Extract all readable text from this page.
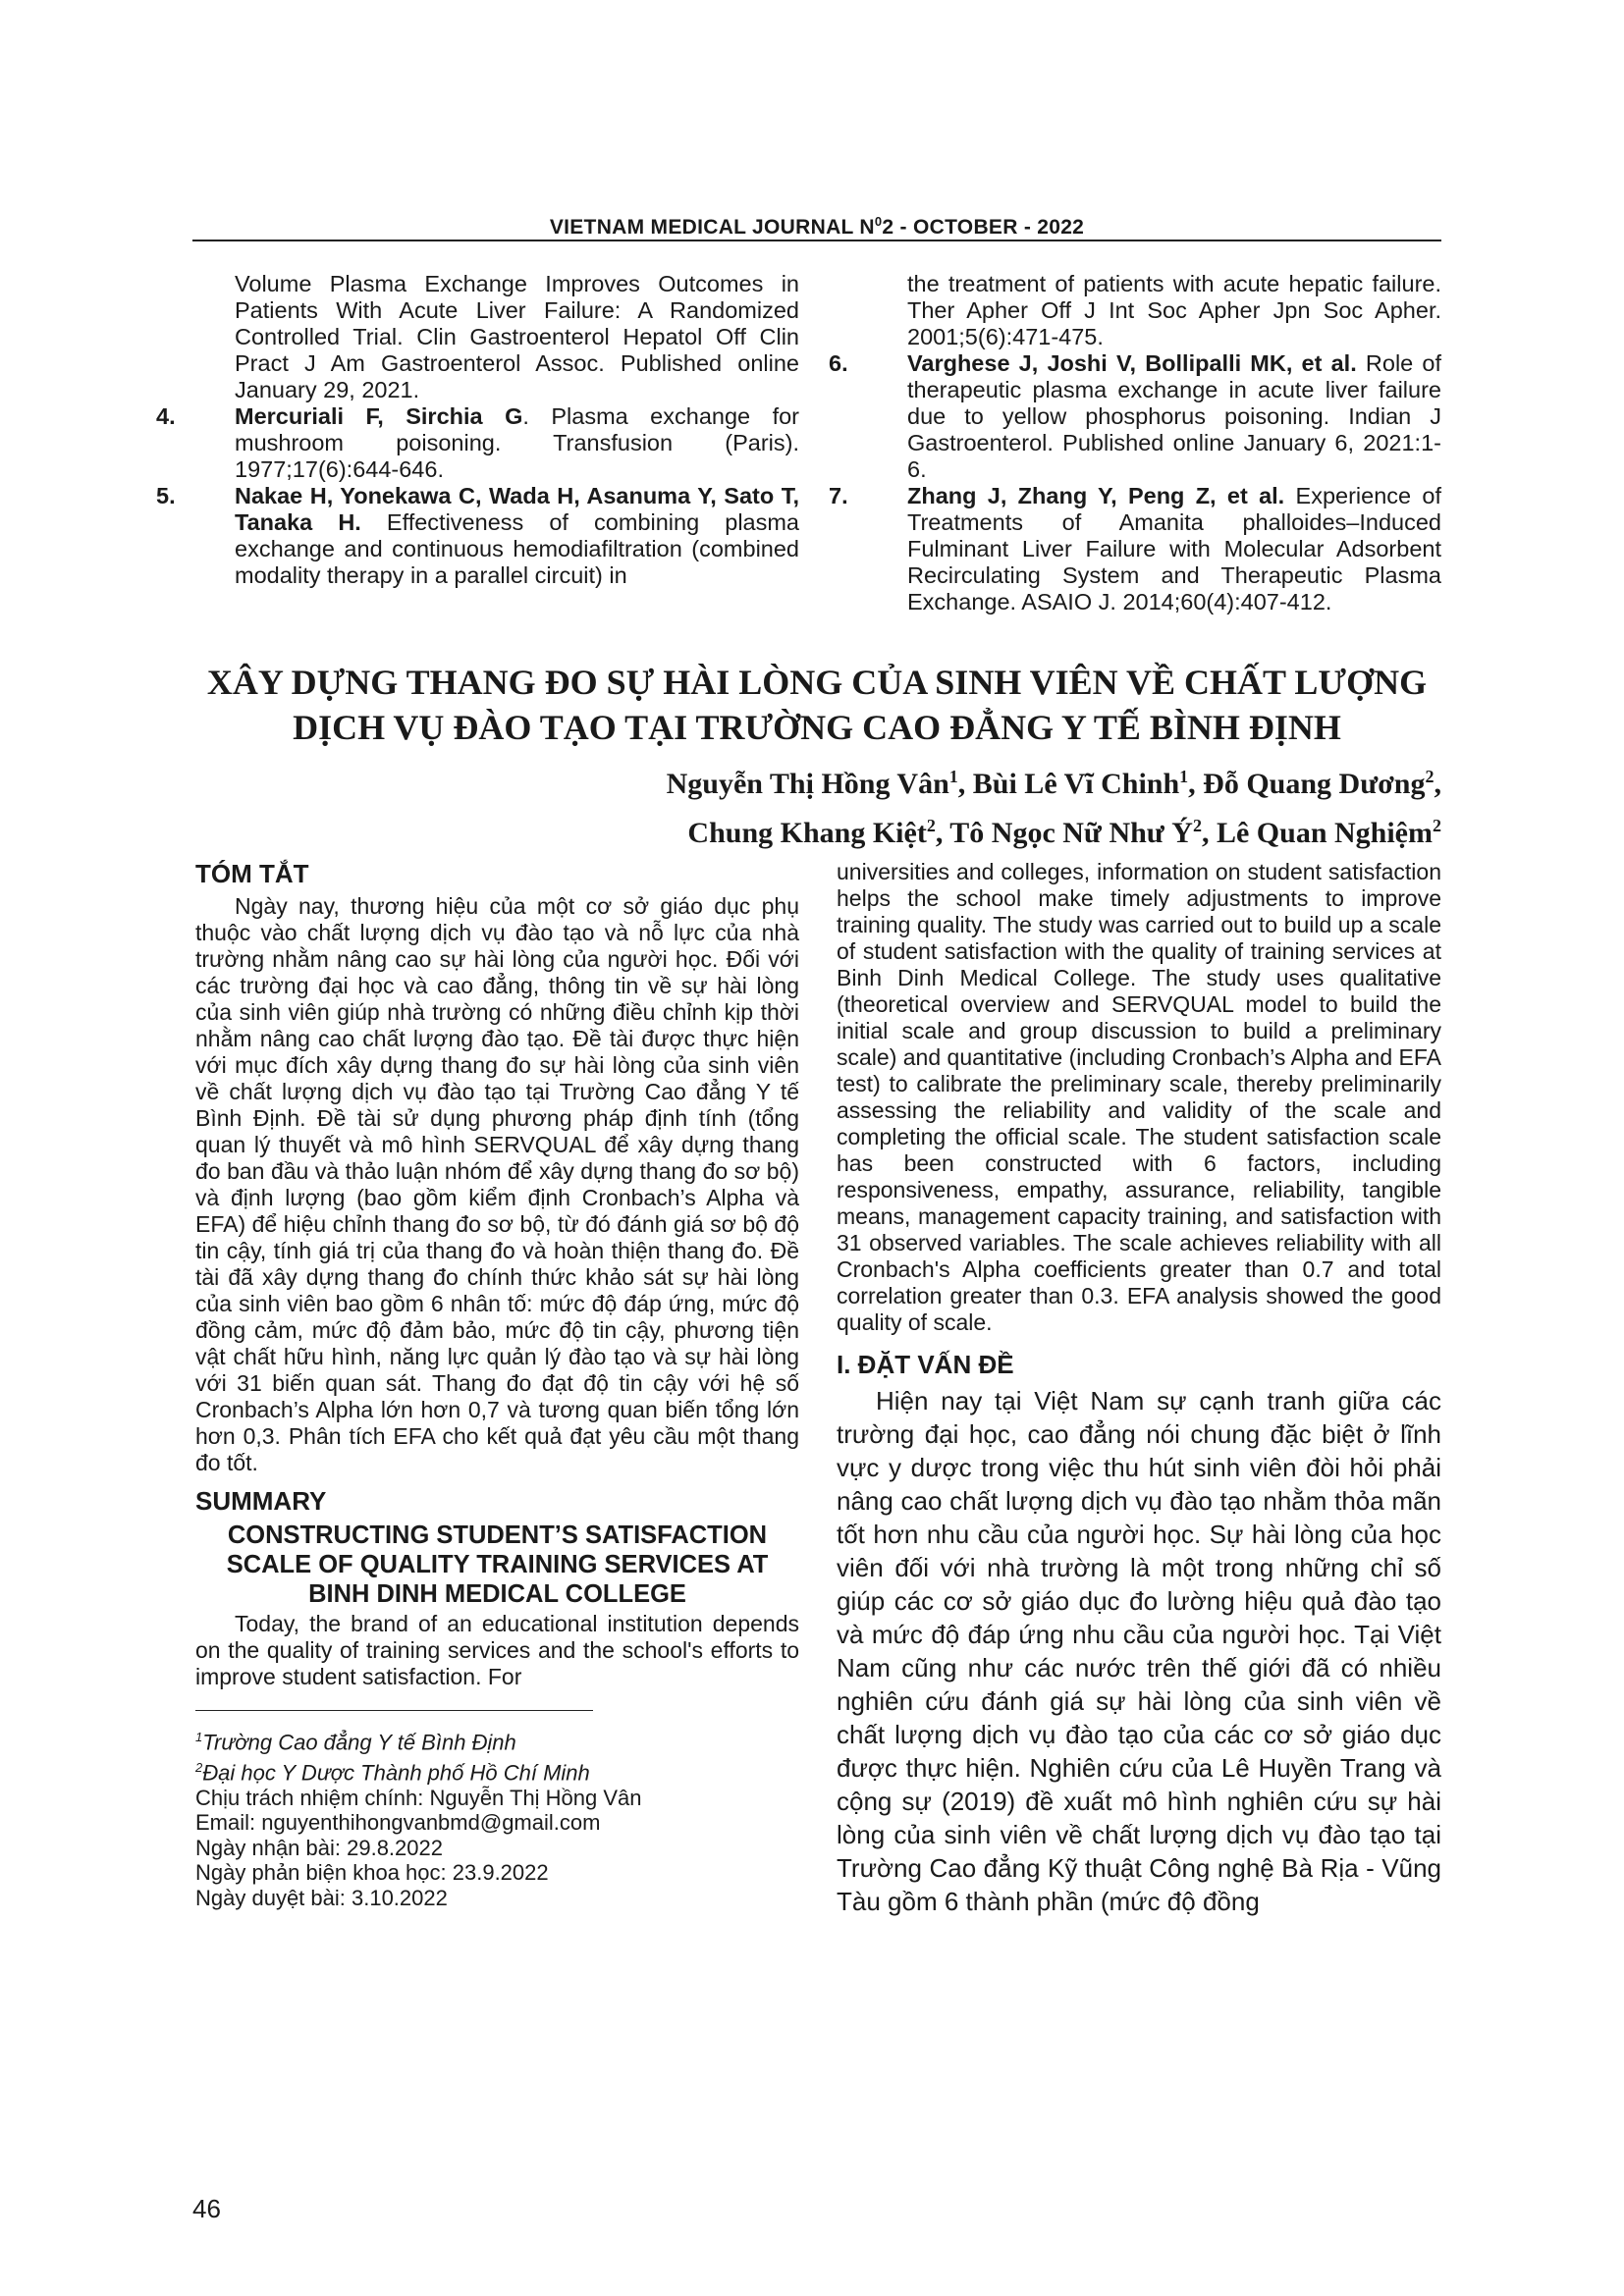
VIETNAM MEDICAL JOURNAL $N^02$ - OCTOBER - 2022

Volume Plasma Exchange Improves Outcomes in Patients With Acute Liver Failure: A Randomized Controlled Trial. Clin Gastroenterol Hepatol Off Clin Pract J Am Gastroenterol Assoc. Published online January 29, 2021.

4.	Mercuriali F, Sirchia G. Plasma exchange for mushroom poisoning. Transfusion (Paris). 1977;17(6):644-646.

5.	Nakae H, Yonekawa C, Wada H, Asanuma Y, Sato T, Tanaka H. Effectiveness of combining plasma exchange and continuous hemodiafiltration (combined modality therapy in a parallel circuit) in

the treatment of patients with acute hepatic failure. Ther Apher Off J Int Soc Apher Jpn Soc Apher. 2001;5(6):471-475.

6.	Varghese J, Joshi V, Bollipalli MK, et al. Role of therapeutic plasma exchange in acute liver failure due to yellow phosphorus poisoning. Indian J Gastroenterol. Published online January 6, 2021:1-6.

7.	Zhang J, Zhang Y, Peng Z, et al. Experience of Treatments of Amanita phalloides–Induced Fulminant Liver Failure with Molecular Adsorbent Recirculating System and Therapeutic Plasma Exchange. ASAIO J. 2014;60(4):407-412.

XÂY DỰNG THANG ĐO SỰ HÀI LÒNG CỦA SINH VIÊN VỀ CHẤT LƯỢNG
DỊCH VỤ ĐÀO TẠO TẠI TRƯỜNG CAO ĐẲNG Y TẾ BÌNH ĐỊNH
Nguyễn Thị Hồng Vân$^1$, Bùi Lê Vĩ Chinh$^1$, Đỗ Quang Dương$^2$,
Chung Khang Kiệt$^2$, Tô Ngọc Nữ Như $Ý^2$, Lê Quan Nghiệm$^2$
TÓM TẮT

Ngày nay, thương hiệu của một cơ sở giáo dục phụ thuộc vào chất lượng dịch vụ đào tạo và nỗ lực của nhà trường nhằm nâng cao sự hài lòng của người học. Đối với các trường đại học và cao đẳng, thông tin về sự hài lòng của sinh viên giúp nhà trường có những điều chỉnh kịp thời nhằm nâng cao chất lượng đào tạo. Đề tài được thực hiện với mục đích xây dựng thang đo sự hài lòng của sinh viên về chất lượng dịch vụ đào tạo tại Trường Cao đẳng Y tế Bình Định. Đề tài sử dụng phương pháp định tính (tổng quan lý thuyết và mô hình SERVQUAL để xây dựng thang đo ban đầu và thảo luận nhóm để xây dựng thang đo sơ bộ) và định lượng (bao gồm kiểm định Cronbach’s Alpha và EFA) để hiệu chỉnh thang đo sơ bộ, từ đó đánh giá sơ bộ độ tin cậy, tính giá trị của thang đo và hoàn thiện thang đo. Đề tài đã xây dựng thang đo chính thức khảo sát sự hài lòng của sinh viên bao gồm 6 nhân tố: mức độ đáp ứng, mức độ đồng cảm, mức độ đảm bảo, mức độ tin cậy, phương tiện vật chất hữu hình, năng lực quản lý đào tạo và sự hài lòng với 31 biến quan sát. Thang đo đạt độ tin cậy với hệ số Cronbach’s Alpha lớn hơn 0,7 và tương quan biến tổng lớn hơn 0,3. Phân tích EFA cho kết quả đạt yêu cầu một thang đo tốt.

SUMMARY
CONSTRUCTING STUDENT’S SATISFACTION SCALE OF QUALITY TRAINING SERVICES AT BINH DINH MEDICAL COLLEGE

Today, the brand of an educational institution depends on the quality of training services and the school's efforts to improve student satisfaction. For

$^1$Trường Cao đẳng Y tế Bình Định
$^2$Đại học Y Dược Thành phố Hồ Chí Minh
Chịu trách nhiệm chính: Nguyễn Thị Hồng Vân
Email: nguyenthihongvanbmd@gmail.com
Ngày nhận bài: 29.8.2022
Ngày phản biện khoa học: 23.9.2022
Ngày duyệt bài: 3.10.2022

universities and colleges, information on student satisfaction helps the school make timely adjustments to improve training quality. The study was carried out to build up a scale of student satisfaction with the quality of training services at Binh Dinh Medical College. The study uses qualitative (theoretical overview and SERVQUAL model to build the initial scale and group discussion to build a preliminary scale) and quantitative (including Cronbach’s Alpha and EFA test) to calibrate the preliminary scale, thereby preliminarily assessing the reliability and validity of the scale and completing the official scale. The student satisfaction scale has been constructed with 6 factors, including responsiveness, empathy, assurance, reliability, tangible means, management capacity training, and satisfaction with 31 observed variables. The scale achieves reliability with all Cronbach's Alpha coefficients greater than 0.7 and total correlation greater than 0.3. EFA analysis showed the good quality of scale.

I. ĐẶT VẤN ĐỀ

Hiện nay tại Việt Nam sự cạnh tranh giữa các trường đại học, cao đẳng nói chung đặc biệt ở lĩnh vực y dược trong việc thu hút sinh viên đòi hỏi phải nâng cao chất lượng dịch vụ đào tạo nhằm thỏa mãn tốt hơn nhu cầu của người học. Sự hài lòng của học viên đối với nhà trường là một trong những chỉ số giúp các cơ sở giáo dục đo lường hiệu quả đào tạo và mức độ đáp ứng nhu cầu của người học. Tại Việt Nam cũng như các nước trên thế giới đã có nhiều nghiên cứu đánh giá sự hài lòng của sinh viên về chất lượng dịch vụ đào tạo của các cơ sở giáo dục được thực hiện. Nghiên cứu của Lê Huyền Trang và cộng sự (2019) đề xuất mô hình nghiên cứu sự hài lòng của sinh viên về chất lượng dịch vụ đào tạo tại Trường Cao đẳng Kỹ thuật Công nghệ Bà Rịa - Vũng Tàu gồm 6 thành phần (mức độ đồng

46
